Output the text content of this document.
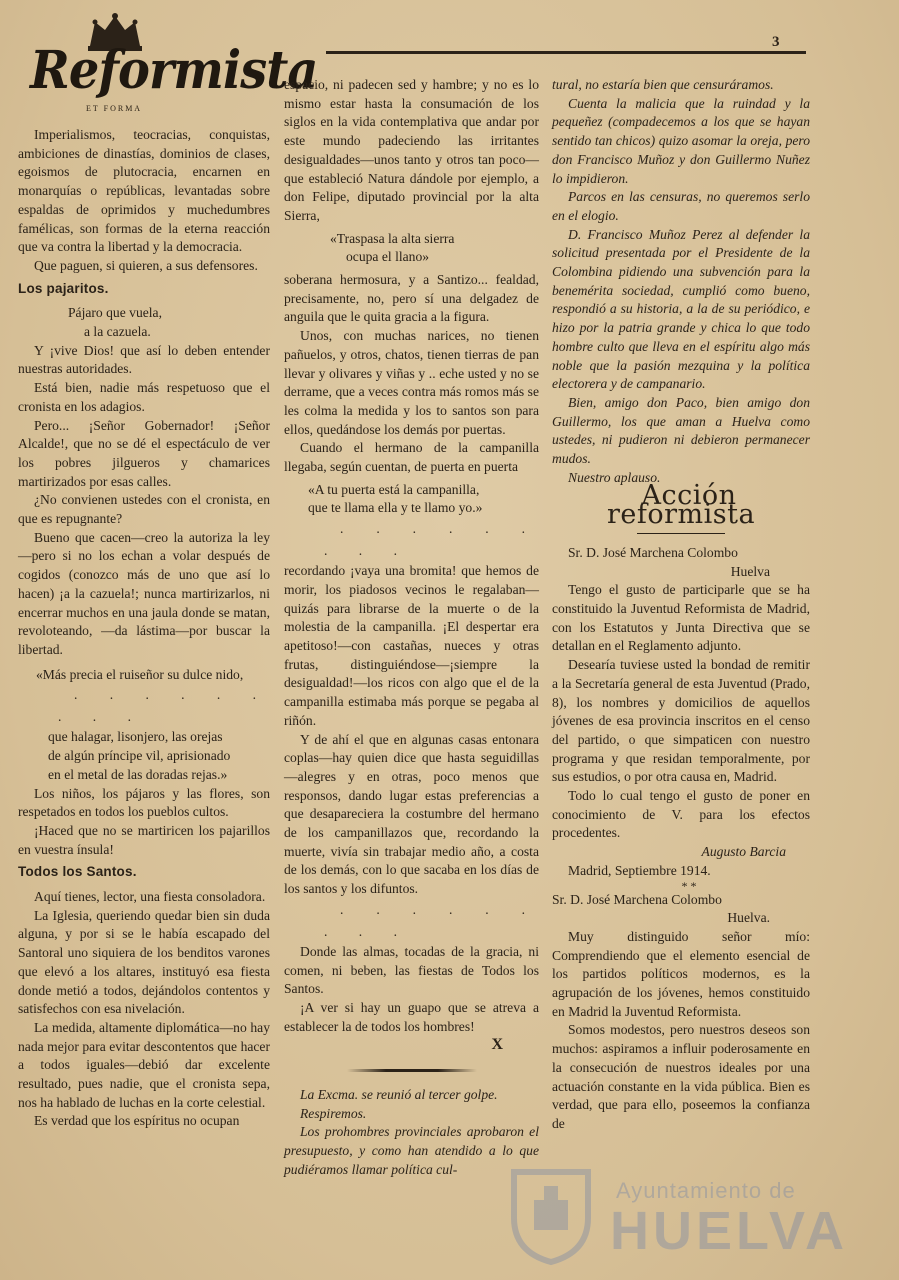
Reformista
ET FORMA
3

Imperialismos, teocracias, conquistas, ambiciones de dinastías, dominios de clases, egoismos de plutocracia, encarnen en monarquías o repúblicas, levantadas sobre espaldas de oprimidos y muchedumbres famélicas, son formas de la eterna reacción que va contra la libertad y la democracia.

Que paguen, si quieren, a sus defensores.

Los pajaritos.

Pájaro que vuela,

a la cazuela.

Y ¡vive Dios! que así lo deben entender nuestras autoridades.

Está bien, nadie más respetuoso que el cronista en los adagios.

Pero... ¡Señor Gobernador! ¡Señor Alcalde!, que no se dé el espectáculo de ver los pobres jilgueros y chamarices martirizados por esas calles.

¿No convienen ustedes con el cronista, en que es repugnante?

Bueno que cacen—creo la autoriza la ley—pero si no los echan a volar después de cogidos (conozco más de uno que así lo hacen) ¡a la cazuela!; nunca martirizarlos, ni encerrar muchos en una jaula donde se matan, revoloteando, —da lástima—por buscar la libertad.

«Más precia el ruiseñor su dulce nido,

. . . . . . . . .

que halagar, lisonjero, las orejas

de algún príncipe vil, aprisionado

en el metal de las doradas rejas.»

Los niños, los pájaros y las flores, son respetados en todos los pueblos cultos.

¡Haced que no se martiricen los pajarillos en vuestra ínsula!

Todos los Santos.

Aquí tienes, lector, una fiesta consoladora.

La Iglesia, queriendo quedar bien sin duda alguna, y por si se le había escapado del Santoral uno siquiera de los benditos varones que elevó a los altares, instituyó esa fiesta donde metió a todos, dejándolos contentos y satisfechos con esa nivelación.

La medida, altamente diplomática—no hay nada mejor para evitar descontentos que hacer a todos iguales—debió dar excelente resultado, pues nadie, que el cronista sepa, nos ha hablado de luchas en la corte celestial.

Es verdad que los espíritus no ocupan

espacio, ni padecen sed y hambre; y no es lo mismo estar hasta la consumación de los siglos en la vida contemplativa que andar por este mundo padeciendo las irritantes desigualdades—unos tanto y otros tan poco—que estableció Natura dándole por ejemplo, a don Felipe, diputado provincial por la alta Sierra,

«Traspasa la alta sierra

ocupa el llano»

soberana hermosura, y a Santizo... fealdad, precisamente, no, pero sí una delgadez de anguila que le quita gracia a la figura.

Unos, con muchas narices, no tienen pañuelos, y otros, chatos, tienen tierras de pan llevar y olivares y viñas y .. eche usted y no se derrame, que a veces contra más romos más se les colma la medida y los to santos son para ellos, quedándose los demás por puertas.

Cuando el hermano de la campanilla llegaba, según cuentan, de puerta en puerta

«A tu puerta está la campanilla,

que te llama ella y te llamo yo.»

. . . . . . . . .

recordando ¡vaya una bromita! que hemos de morir, los piadosos vecinos le regalaban—quizás para librarse de la muerte o de la molestia de la campanilla. ¡El despertar era apetitoso!—con castañas, nueces y otras frutas, distinguiéndose—¡siempre la desigualdad!—los ricos con algo que el de la campanilla estimaba más porque se pegaba al riñón.

Y de ahí el que en algunas casas entonara coplas—hay quien dice que hasta seguidillas—alegres y en otras, poco menos que responsos, dando lugar estas preferencias a que desapareciera la costumbre del hermano de los campanillazos que, recordando la muerte, vivía sin trabajar medio año, a costa de los demás, con lo que sacaba en los días de los santos y los difuntos.

. . . . . . . . .

Donde las almas, tocadas de la gracia, ni comen, ni beben, las fiestas de Todos los Santos.

¡A ver si hay un guapo que se atreva a establecer la de todos los hombres!

X

La Excma. se reunió al tercer golpe.

Respiremos.

Los prohombres provinciales aprobaron el presupuesto, y como han atendido a lo que pudiéramos llamar política cul-

tural, no estaría bien que censuráramos.

Cuenta la malicia que la ruindad y la pequeñez (compadecemos a los que se hayan sentido tan chicos) quizo asomar la oreja, pero don Francisco Muñoz y don Guillermo Nuñez lo impidieron.

Parcos en las censuras, no queremos serlo en el elogio.

D. Francisco Muñoz Perez al defender la solicitud presentada por el Presidente de la Colombina pidiendo una subvención para la benemérita sociedad, cumplió como bueno, respondió a su historia, a la de su periódico, e hizo por la patria grande y chica lo que todo hombre culto que lleva en el espíritu algo más noble que la pasión mezquina y la política electorera y de campanario.

Bien, amigo don Paco, bien amigo don Guillermo, los que aman a Huelva como ustedes, ni pudieron ni debieron permanecer mudos.

Nuestro aplauso.

Acción reformista

Sr. D. José Marchena Colombo

Huelva

Tengo el gusto de participarle que se ha constituido la Juventud Reformista de Madrid, con los Estatutos y Junta Directiva que se detallan en el Reglamento adjunto.

Desearía tuviese usted la bondad de remitir a la Secretaría general de esta Juventud (Prado, 8), los nombres y domicilios de aquellos jóvenes de esa provincia inscritos en el censo del partido, o que simpaticen con nuestro programa y que residan temporalmente, por sus estudios, o por otra causa en, Madrid.

Todo lo cual tengo el gusto de poner en conocimiento de V. para los efectos procedentes.

Augusto Barcia

Madrid, Septiembre 1914.

* *

Sr. D. José Marchena Colombo

Huelva.

Muy distinguido señor mío: Comprendiendo que el elemento esencial de los partidos políticos modernos, es la agrupación de los jóvenes, hemos constituido en Madrid la Juventud Reformista.

Somos modestos, pero nuestros deseos son muchos: aspiramos a influir poderosamente en la consecución de nuestros ideales por una actuación constante en la vida pública. Bien es verdad, que para ello, poseemos la confianza de

Ayuntamiento de
HUELVA
